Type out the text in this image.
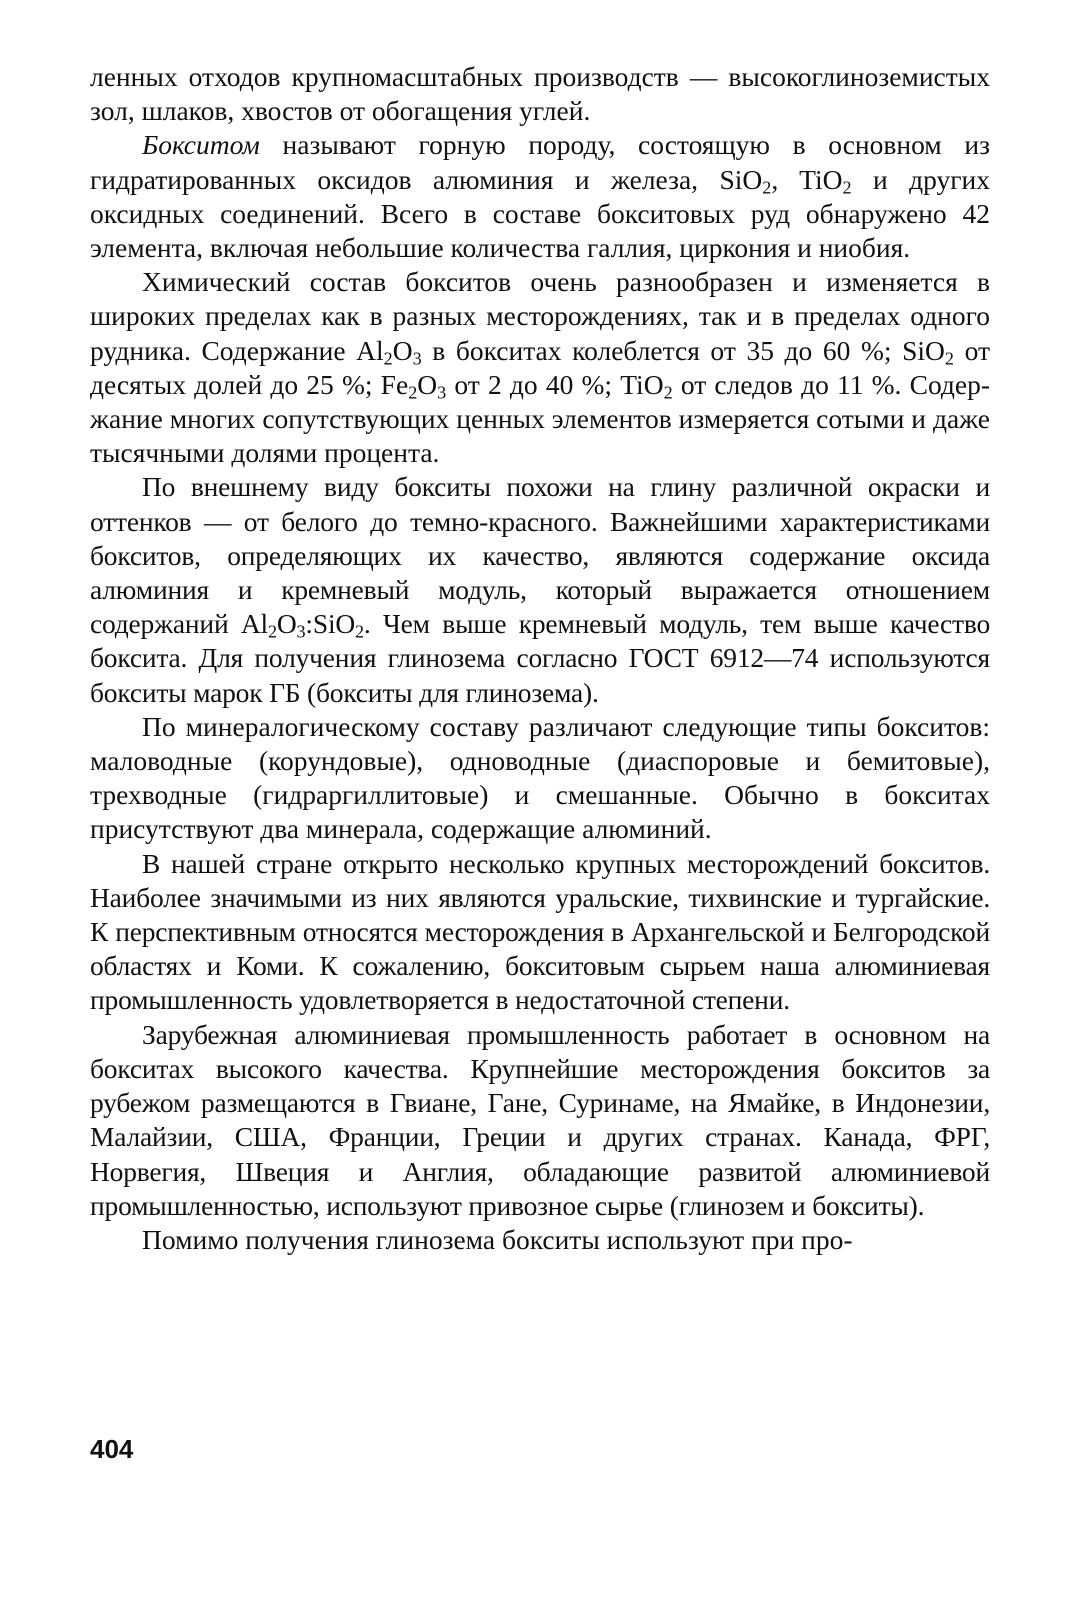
ленных отходов крупномасштабных производств — высокоглиноземистых зол, шлаков, хвостов от обогащения углей.

Бокситом называют горную породу, состоящую в основном из гидратированных оксидов алюминия и железа, SiO$_2$, TiO$_2$ и других оксидных соединений. Всего в составе бокситовых руд обнаружено 42 элемента, включая небольшие количества галлия, циркония и ниобия.

Химический состав бокситов очень разнообразен и изменяется в широких пределах как в разных месторождениях, так и в пределах одного рудника. Содержание $Al_2O_3$ в бокситах колеблется от 35 до 60 %; SiO$_2$ от десятых долей до 25 %; $Fe_2O_3$ от 2 до 40 %; TiO$_2$ от следов до 11 %. Содержание многих сопутствующих ценных элементов измеряется сотыми и даже тысячными долями процента.

По внешнему виду бокситы похожи на глину различной окраски и оттенков — от белого до темно-красного. Важнейшими характеристиками бокситов, определяющих их качество, являются содержание оксида алюминия и кремневый модуль, который выражается отношением содержаний $Al_2O_3:SiO_2$. Чем выше кремневый модуль, тем выше качество боксита. Для получения глинозема согласно ГОСТ 6912—74 используются бокситы марок ГБ (бокситы для глинозема).

По минералогическому составу различают следующие типы бокситов: маловодные (корундовые), одноводные (диаспоровые и бемитовые), трехводные (гидраргиллитовые) и смешанные. Обычно в бокситах присутствуют два минерала, содержащие алюминий.

В нашей стране открыто несколько крупных месторождений бокситов. Наиболее значимыми из них являются уральские, тихвинские и тургайские. К перспективным относятся месторождения в Архангельской и Белгородской областях и Коми. К сожалению, бокситовым сырьем наша алюминиевая промышленность удовлетворяется в недостаточной степени.

Зарубежная алюминиевая промышленность работает в основном на бокситах высокого качества. Крупнейшие месторождения бокситов за рубежом размещаются в Гвиане, Гане, Суринаме, на Ямайке, в Индонезии, Малайзии, США, Франции, Греции и других странах. Канада, ФРГ, Норвегия, Швеция и Англия, обладающие развитой алюминиевой промышленностью, используют привозное сырье (глинозем и бокситы).

Помимо получения глинозема бокситы используют при про-

404
